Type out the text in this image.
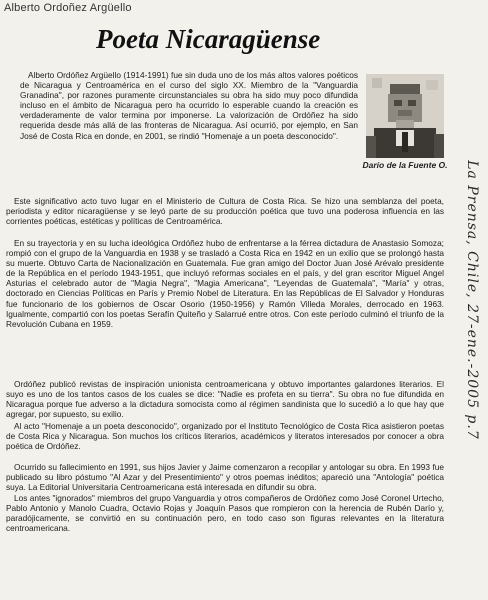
Alberto Ordoñez Argüello
Poeta Nicaragüense

Alberto Ordóñez Argüello (1914-1991) fue sin duda uno de los más altos valores poéticos de Nicaragua y Centroamérica en el curso del siglo XX. Miembro de la "Vanguardia Granadina", por razones puramente circunstanciales su obra ha sido muy poco difundida incluso en el ámbito de Nicaragua pero ha ocurrido lo esperable cuando la creación es verdaderamente de valor termina por imponerse. La valorización de Ordóñez ha sido requerida desde más allá de las fronteras de Nicaragua. Así ocurrió, por ejemplo, en San José de Costa Rica en donde, en 2001, se rindió "Homenaje a un poeta desconocido".

Darío de la Fuente O.

Este significativo acto tuvo lugar en el Ministerio de Cultura de Costa Rica. Se hizo una semblanza del poeta, periodista y editor nicaragüense y se leyó parte de su producción poética que tuvo una poderosa influencia en las corrientes poéticas, estéticas y políticas de Centroamérica.

En su trayectoria y en su lucha ideológica Ordóñez hubo de enfrentarse a la férrea dictadura de Anastasio Somoza; rompió con el grupo de la Vanguardia en 1938 y se trasladó a Costa Rica en 1942 en un exilio que se prolongó hasta su muerte. Obtuvo Carta de Nacionalización en Guatemala. Fue gran amigo del Doctor Juan José Arévalo presidente de la República en el período 1943-1951, que incluyó reformas sociales en el país, y del gran escritor Miguel Angel Asturias el celebrado autor de "Magia Negra", "Magia Americana", "Leyendas de Guatemala", "María" y otras, doctorado en Ciencias Políticas en París y Premio Nobel de Literatura. En las Repúblicas de El Salvador y Honduras fue funcionario de los gobiernos de Oscar Osorio (1950-1956) y Ramón Villeda Morales, derrocado en 1963. Igualmente, compartió con los poetas Serafín Quiteño y Salarrué entre otros. Con este período culminó el triunfo de la Revolución Cubana en 1959.

Ordóñez publicó revistas de inspiración unionista centroamericana y obtuvo importantes galardones literarios. El suyo es uno de los tantos casos de los cuales se dice: "Nadie es profeta en su tierra". Su obra no fue difundida en Nicaragua porque fue adverso a la dictadura somocista como al régimen sandinista que lo sucedió a lo que hay que agregar, por supuesto, su exilio.

Al acto "Homenaje a un poeta desconocido", organizado por el Instituto Tecnológico de Costa Rica asistieron poetas de Costa Rica y Nicaragua. Son muchos los críticos literarios, académicos y literatos interesados por conocer a obra poética de Ordóñez.

Ocurrido su fallecimiento en 1991, sus hijos Javier y Jaime comenzaron a recopilar y antologar su obra. En 1993 fue publicado su libro póstumo "Al Azar y del Presentimiento" y otros poemas inéditos; apareció una "Antología" poética suya. La Editorial Universitaria Centroamericana está interesada en difundir su obra.

Los antes "ignorados" miembros del grupo Vanguardia y otros compañeros de Ordóñez como José Coronel Urtecho, Pablo Antonio y Manolo Cuadra, Octavio Rojas y Joaquín Pasos que rompieron con la herencia de Rubén Darío y, paradójicamente, se convirtió en su continuación pero, en todo caso son figuras relevantes en la literatura centroamericana.

La Prensa, Chile, 27-ene.-2005 p.7
